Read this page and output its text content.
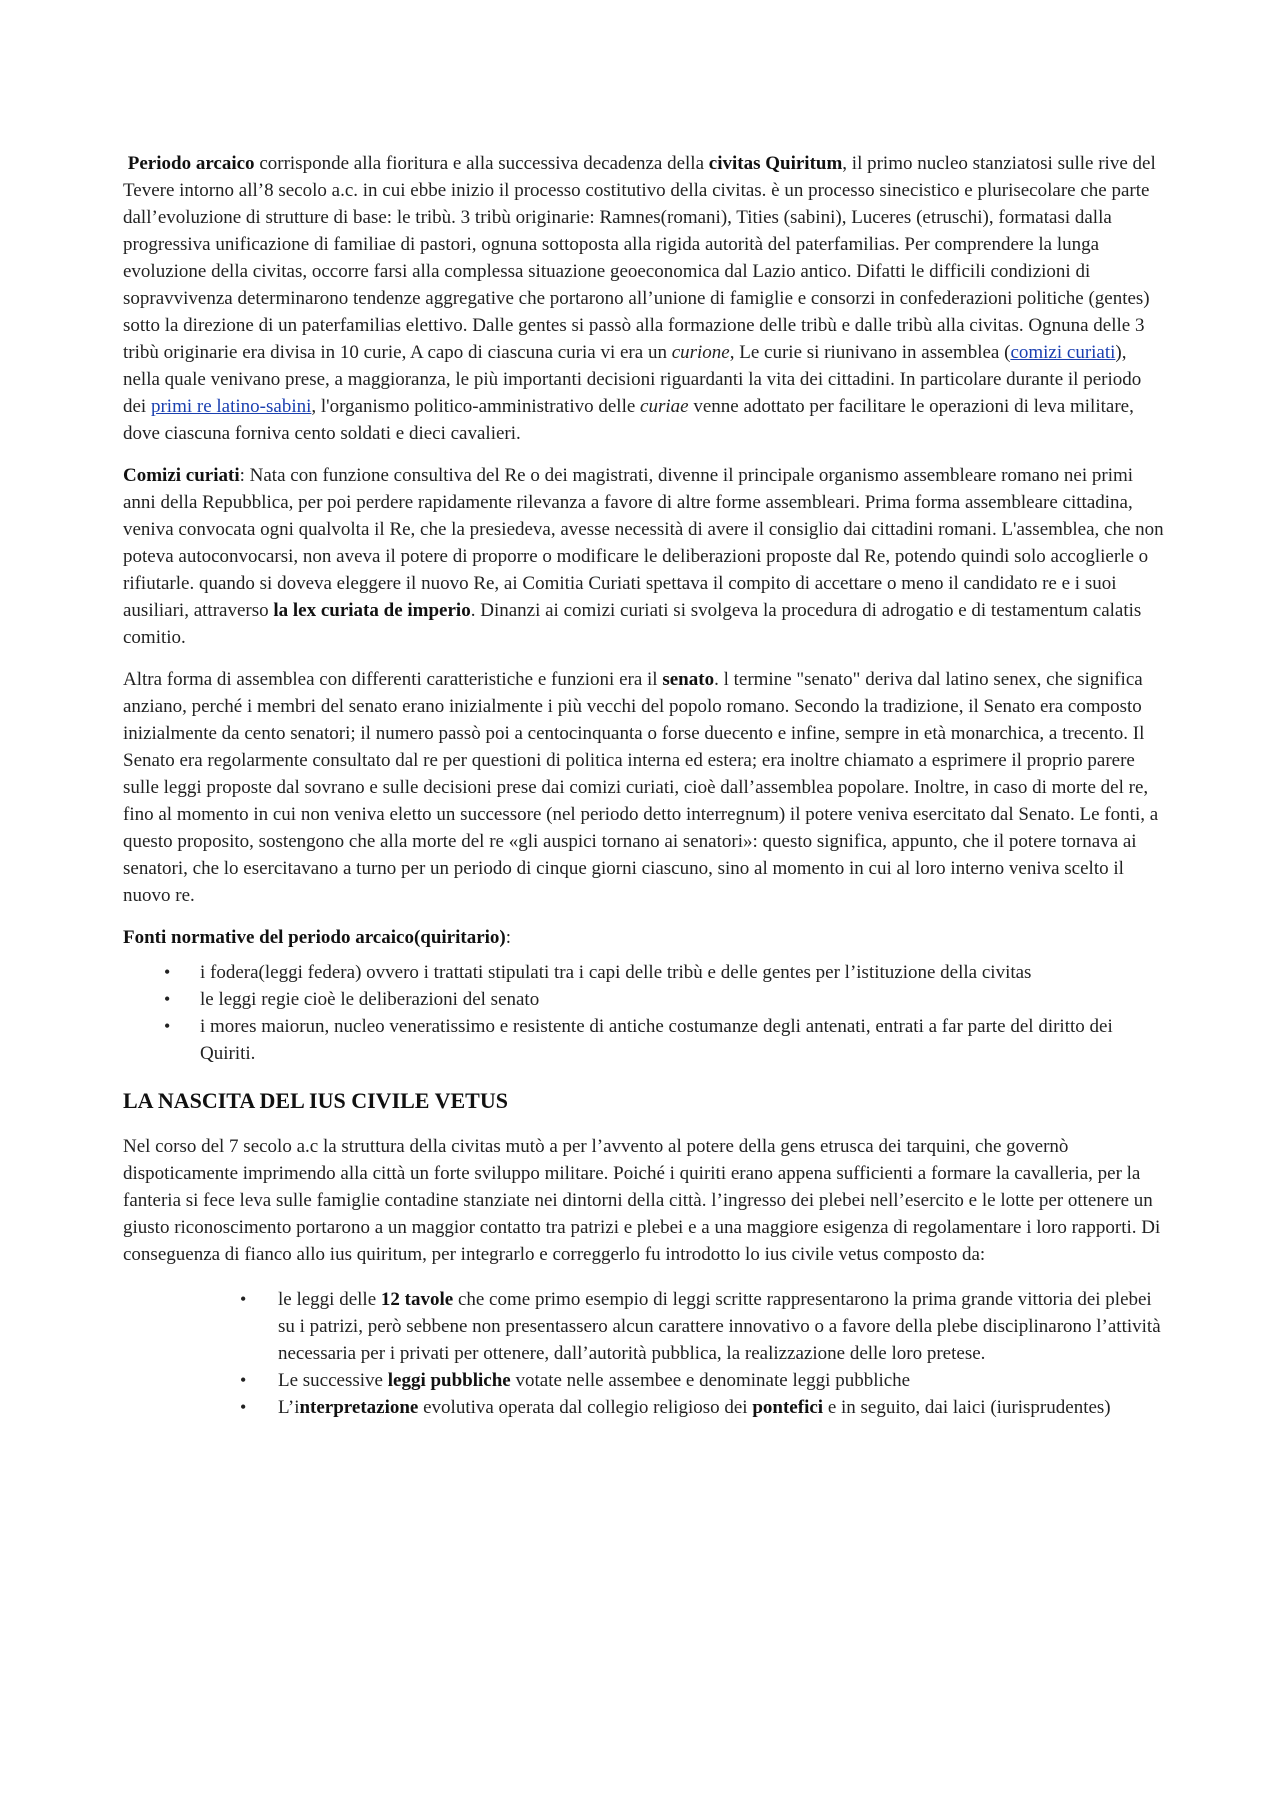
Periodo arcaico corrisponde alla fioritura e alla successiva decadenza della civitas Quiritum, il primo nucleo stanziatosi sulle rive del Tevere intorno all’8 secolo a.c. in cui ebbe inizio il processo costitutivo della civitas. è un processo sinecistico e plurisecolare che parte dall’evoluzione di strutture di base: le tribù. 3 tribù originarie: Ramnes(romani), Tities (sabini), Luceres (etruschi), formatasi dalla progressiva unificazione di familiae di pastori, ognuna sottoposta alla rigida autorità del paterfamilias. Per comprendere la lunga evoluzione della civitas, occorre farsi alla complessa situazione geoeconomica dal Lazio antico. Difatti le difficili condizioni di sopravvivenza determinarono tendenze aggregative che portarono all’unione di famiglie e consorzi in confederazioni politiche (gentes) sotto la direzione di un paterfamilias elettivo. Dalle gentes si passò alla formazione delle tribù e dalle tribù alla civitas. Ognuna delle 3 tribù originarie era divisa in 10 curie, A capo di ciascuna curia vi era un curione, Le curie si riunivano in assemblea (comizi curiati), nella quale venivano prese, a maggioranza, le più importanti decisioni riguardanti la vita dei cittadini. In particolare durante il periodo dei primi re latino-sabini, l'organismo politico-amministrativo delle curiae venne adottato per facilitare le operazioni di leva militare, dove ciascuna forniva cento soldati e dieci cavalieri.

Comizi curiati: Nata con funzione consultiva del Re o dei magistrati, divenne il principale organismo assembleare romano nei primi anni della Repubblica, per poi perdere rapidamente rilevanza a favore di altre forme assembleari. Prima forma assembleare cittadina, veniva convocata ogni qualvolta il Re, che la presiedeva, avesse necessità di avere il consiglio dai cittadini romani. L'assemblea, che non poteva autoconvocarsi, non aveva il potere di proporre o modificare le deliberazioni proposte dal Re, potendo quindi solo accoglierle o rifiutarle. quando si doveva eleggere il nuovo Re, ai Comitia Curiati spettava il compito di accettare o meno il candidato re e i suoi ausiliari, attraverso la lex curiata de imperio. Dinanzi ai comizi curiati si svolgeva la procedura di adrogatio e di testamentum calatis comitio.

Altra forma di assemblea con differenti caratteristiche e funzioni era il senato. l termine "senato" deriva dal latino senex, che significa anziano, perché i membri del senato erano inizialmente i più vecchi del popolo romano. Secondo la tradizione, il Senato era composto inizialmente da cento senatori; il numero passò poi a centocinquanta o forse duecento e infine, sempre in età monarchica, a trecento. Il Senato era regolarmente consultato dal re per questioni di politica interna ed estera; era inoltre chiamato a esprimere il proprio parere sulle leggi proposte dal sovrano e sulle decisioni prese dai comizi curiati, cioè dall’assemblea popolare. Inoltre, in caso di morte del re, fino al momento in cui non veniva eletto un successore (nel periodo detto interregnum) il potere veniva esercitato dal Senato. Le fonti, a questo proposito, sostengono che alla morte del re «gli auspici tornano ai senatori»: questo significa, appunto, che il potere tornava ai senatori, che lo esercitavano a turno per un periodo di cinque giorni ciascuno, sino al momento in cui al loro interno veniva scelto il nuovo re.

Fonti normative del periodo arcaico(quiritario):

• i fodera(leggi federa) ovvero i trattati stipulati tra i capi delle tribù e delle gentes per l’istituzione della civitas
• le leggi regie cioè le deliberazioni del senato
• i mores maiorun, nucleo veneratissimo e resistente di antiche costumanze degli antenati, entrati a far parte del diritto dei Quiriti.
LA NASCITA DEL IUS CIVILE VETUS

Nel corso del 7 secolo a.c la struttura della civitas mutò a per l’avvento al potere della gens etrusca dei tarquini, che governò dispoticamente imprimendo alla città un forte sviluppo militare. Poiché i quiriti erano appena sufficienti a formare la cavalleria, per la fanteria si fece leva sulle famiglie contadine stanziate nei dintorni della città. l’ingresso dei plebei nell’esercito e le lotte per ottenere un giusto riconoscimento portarono a un maggior contatto tra patrizi e plebei e a una maggiore esigenza di regolamentare i loro rapporti. Di conseguenza di fianco allo ius quiritum, per integrarlo e correggerlo fu introdotto lo ius civile vetus composto da:

• le leggi delle 12 tavole che come primo esempio di leggi scritte rappresentarono la prima grande vittoria dei plebei su i patrizi, però sebbene non presentassero alcun carattere innovativo o a favore della plebe disciplinarono l’attività necessaria per i privati per ottenere, dall’autorità pubblica, la realizzazione delle loro pretese.
• Le successive leggi pubbliche votate nelle assembee e denominate leggi pubbliche
• L’interpretazione evolutiva operata dal collegio religioso dei pontefici e in seguito, dai laici (iurisprudentes)
